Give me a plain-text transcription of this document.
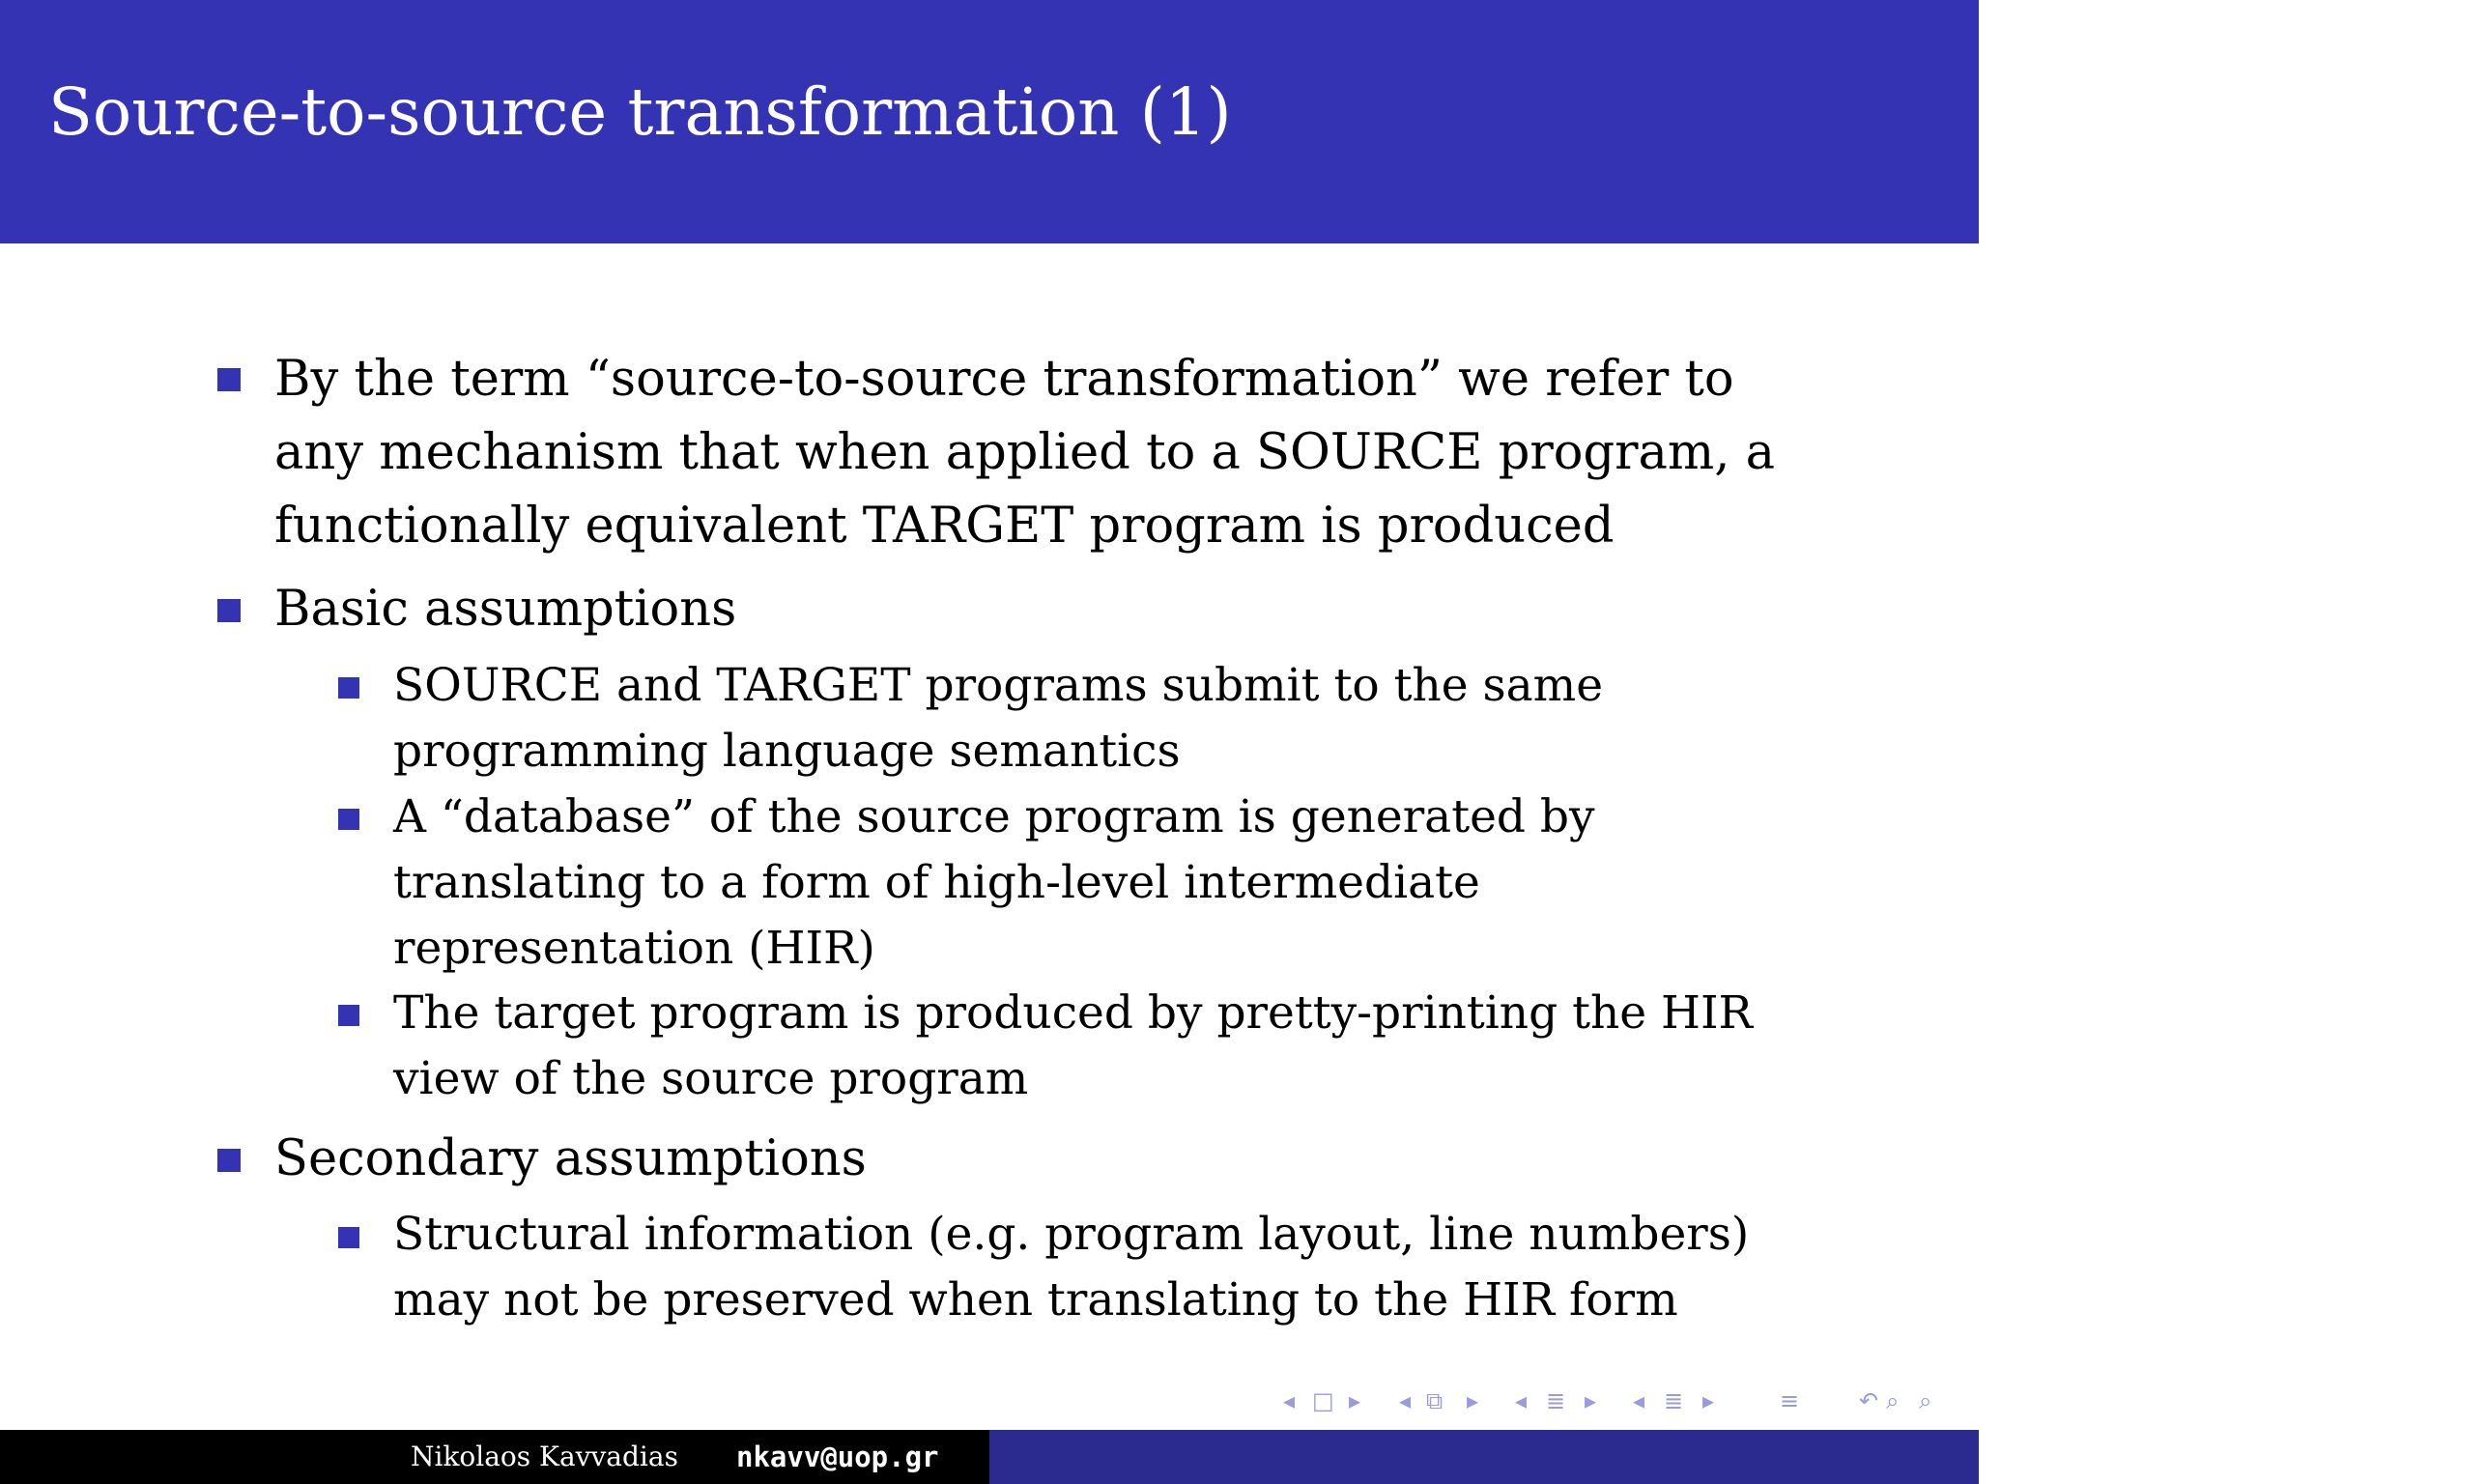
Source-to-source transformation (1)
By the term “source-to-source transformation” we refer to
any mechanism that when applied to a SOURCE program, a
functionally equivalent TARGET program is produced
Basic assumptions
SOURCE and TARGET programs submit to the same
programming language semantics
A “database” of the source program is generated by
translating to a form of high-level intermediate
representation (HIR)
The target program is produced by pretty-printing the HIR
view of the source program
Secondary assumptions
Structural information (e.g. program layout, line numbers)
may not be preserved when translating to the HIR form
◂ □ ▸ ◂ ⧉ ▸ ◂ ≣ ▸ ◂ ≣ ▸	≡	↶ ⌕ ⌕
Nikolaos Kavvadias nkavv@uop.gr	Source-to-source transformations
